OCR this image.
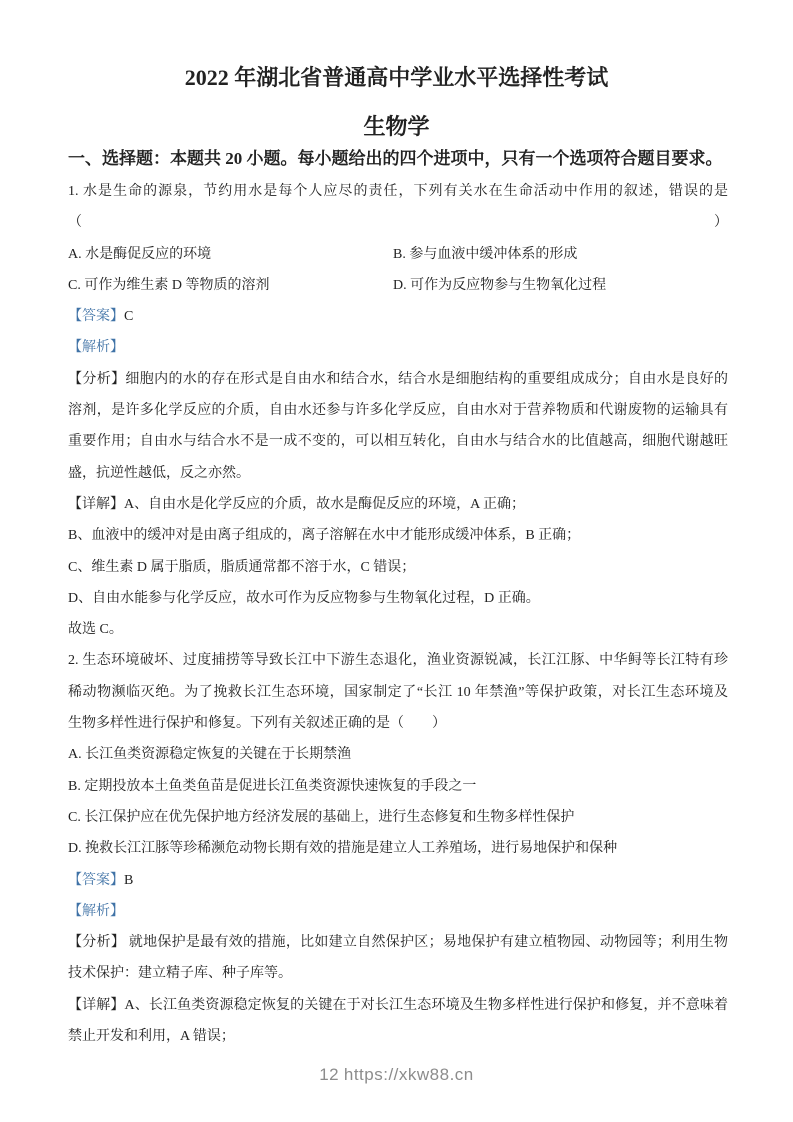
2022 年湖北省普通高中学业水平选择性考试
生物学
一、选择题：本题共 20 小题。每小题给出的四个进项中，只有一个选项符合题目要求。
1. 水是生命的源泉，节约用水是每个人应尽的责任，下列有关水在生命活动中作用的叙述，错误的是（　　）
A. 水是酶促反应的环境	B. 参与血液中缓冲体系的形成
C. 可作为维生素 D 等物质的溶剂	D. 可作为反应物参与生物氧化过程
【答案】C
【解析】
【分析】细胞内的水的存在形式是自由水和结合水，结合水是细胞结构的重要组成成分；自由水是良好的
溶剂，是许多化学反应的介质，自由水还参与许多化学反应，自由水对于营养物质和代谢废物的运输具有
重要作用；自由水与结合水不是一成不变的，可以相互转化，自由水与结合水的比值越高，细胞代谢越旺
盛，抗逆性越低，反之亦然。
【详解】A、自由水是化学反应的介质，故水是酶促反应的环境，A 正确；
B、血液中的缓冲对是由离子组成的，离子溶解在水中才能形成缓冲体系，B 正确；
C、维生素 D 属于脂质，脂质通常都不溶于水，C 错误；
D、自由水能参与化学反应，故水可作为反应物参与生物氧化过程，D 正确。
故选 C。
2. 生态环境破坏、过度捕捞等导致长江中下游生态退化，渔业资源锐减，长江江豚、中华鲟等长江特有珍
稀动物濒临灭绝。为了挽救长江生态环境，国家制定了“长江 10 年禁渔”等保护政策，对长江生态环境及
生物多样性进行保护和修复。下列有关叙述正确的是（　　）
A. 长江鱼类资源稳定恢复的关键在于长期禁渔
B. 定期投放本土鱼类鱼苗是促进长江鱼类资源快速恢复的手段之一
C. 长江保护应在优先保护地方经济发展的基础上，进行生态修复和生物多样性保护
D. 挽救长江江豚等珍稀濒危动物长期有效的措施是建立人工养殖场，进行易地保护和保种
【答案】B
【解析】
【分析】 就地保护是最有效的措施，比如建立自然保护区；易地保护有建立植物园、动物园等；利用生物
技术保护：建立精子库、种子库等。
【详解】A、长江鱼类资源稳定恢复的关键在于对长江生态环境及生物多样性进行保护和修复，并不意味着
禁止开发和利用，A 错误；
12 https://xkw88.cn
